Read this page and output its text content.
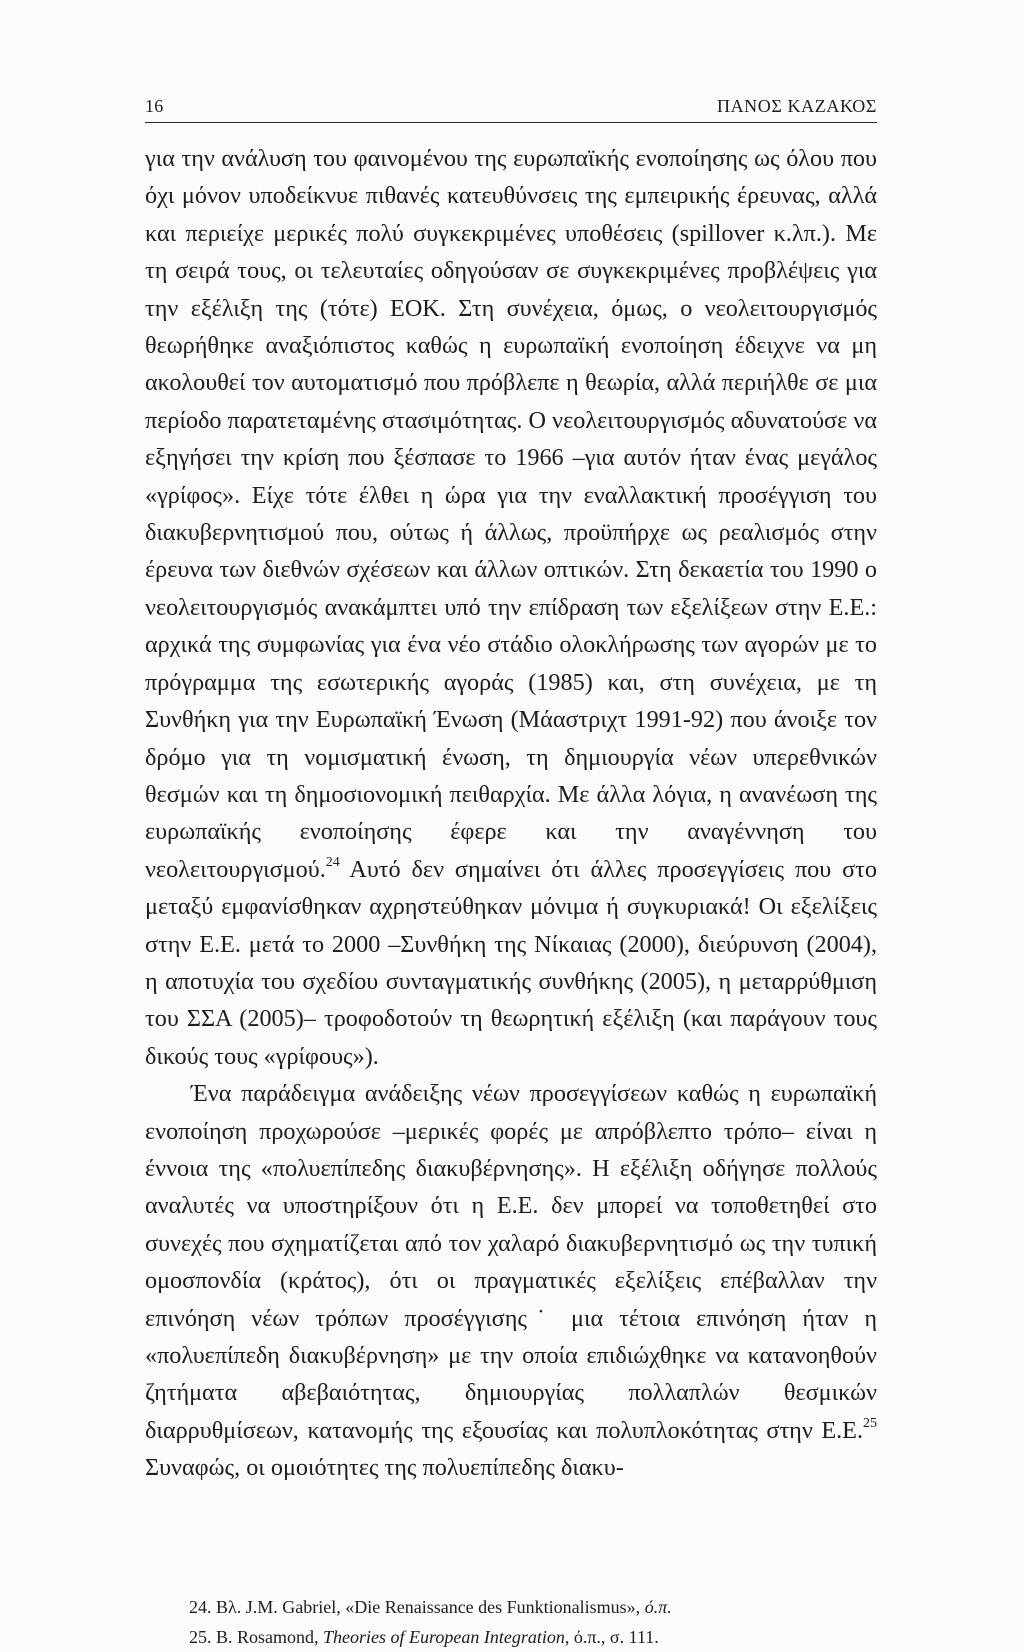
16	ΠΑΝΟΣ ΚΑΖΑΚΟΣ

για την ανάλυση του φαινομένου της ευρωπαϊκής ενοποίησης ως όλου που όχι μόνον υποδείκνυε πιθανές κατευθύνσεις της εμπειρικής έρευνας, αλλά και περιείχε μερικές πολύ συγκεκριμένες υποθέσεις (spillover κ.λπ.). Με τη σειρά τους, οι τελευταίες οδηγούσαν σε συγκεκριμένες προβλέψεις για την εξέλιξη της (τότε) ΕΟΚ. Στη συνέχεια, όμως, ο νεολειτουργισμός θεωρήθηκε αναξιόπιστος καθώς η ευρωπαϊκή ενοποίηση έδειχνε να μη ακολουθεί τον αυτοματισμό που πρόβλεπε η θεωρία, αλλά περιήλθε σε μια περίοδο παρατεταμένης στασιμότητας. Ο νεολειτουργισμός αδυνατούσε να εξηγήσει την κρίση που ξέσπασε το 1966 –για αυτόν ήταν ένας μεγάλος «γρίφος». Είχε τότε έλθει η ώρα για την εναλλακτική προσέγγιση του διακυβερνητισμού που, ούτως ή άλλως, προϋπήρχε ως ρεαλισμός στην έρευνα των διεθνών σχέσεων και άλλων οπτικών. Στη δεκαετία του 1990 ο νεολειτουργισμός ανακάμπτει υπό την επίδραση των εξελίξεων στην Ε.Ε.: αρχικά της συμφωνίας για ένα νέο στάδιο ολοκλήρωσης των αγορών με το πρόγραμμα της εσωτερικής αγοράς (1985) και, στη συνέχεια, με τη Συνθήκη για την Ευρωπαϊκή Ένωση (Μάαστριχτ 1991-92) που άνοιξε τον δρόμο για τη νομισματική ένωση, τη δημιουργία νέων υπερεθνικών θεσμών και τη δημοσιονομική πειθαρχία. Με άλλα λόγια, η ανανέωση της ευρωπαϊκής ενοποίησης έφερε και την αναγέννηση του νεολειτουργισμού.$^{24}$ Αυτό δεν σημαίνει ότι άλλες προσεγγίσεις που στο μεταξύ εμφανίσθηκαν αχρηστεύθηκαν μόνιμα ή συγκυριακά! Οι εξελίξεις στην Ε.Ε. μετά το 2000 –Συνθήκη της Νίκαιας (2000), διεύρυνση (2004), η αποτυχία του σχεδίου συνταγματικής συνθήκης (2005), η μεταρρύθμιση του ΣΣΑ (2005)– τροφοδοτούν τη θεωρητική εξέλιξη (και παράγουν τους δικούς τους «γρίφους»).

Ένα παράδειγμα ανάδειξης νέων προσεγγίσεων καθώς η ευρωπαϊκή ενοποίηση προχωρούσε –μερικές φορές με απρόβλεπτο τρόπο– είναι η έννοια της «πολυεπίπεδης διακυβέρνησης». Η εξέλιξη οδήγησε πολλούς αναλυτές να υποστηρίξουν ότι η Ε.Ε. δεν μπορεί να τοποθετηθεί στο συνεχές που σχηματίζεται από τον χαλαρό διακυβερνητισμό ως την τυπική ομοσπονδία (κράτος), ότι οι πραγματικές εξελίξεις επέβαλλαν την επινόηση νέων τρόπων προσέγγισης˙ μια τέτοια επινόηση ήταν η «πολυεπίπεδη διακυβέρνηση» με την οποία επιδιώχθηκε να κατανοηθούν ζητήματα αβεβαιότητας, δημιουργίας πολλαπλών θεσμικών διαρρυθμίσεων, κατανομής της εξουσίας και πολυπλοκότητας στην Ε.Ε.$^{25}$ Συναφώς, οι ομοιότητες της πολυεπίπεδης διακυ-

24. Βλ. J.M. Gabriel, «Die Renaissance des Funktionalismus», ό.π.
25. B. Rosamond, Theories of European Integration, ό.π., σ. 111.
